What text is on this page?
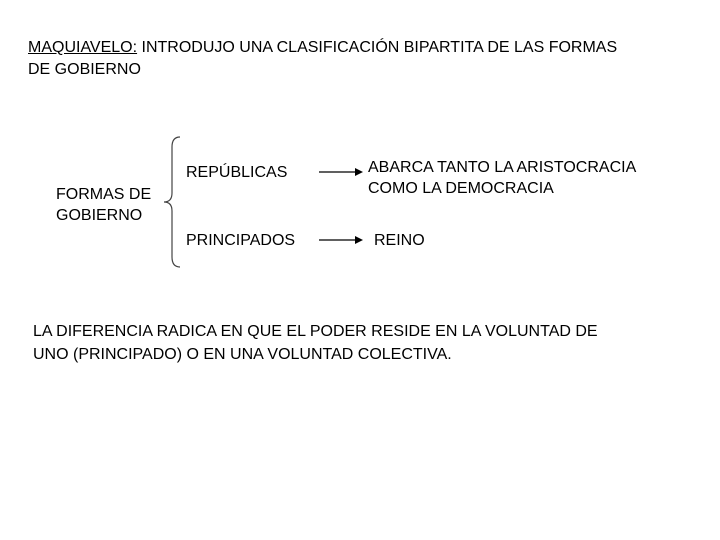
MAQUIAVELO: INTRODUJO UNA CLASIFICACIÓN BIPARTITA DE LAS FORMAS
DE GOBIERNO
FORMAS DE
GOBIERNO
REPÚBLICAS	ABARCA TANTO LA ARISTOCRACIA
COMO LA DEMOCRACIA
PRINCIPADOS	REINO
LA DIFERENCIA RADICA EN QUE EL PODER RESIDE EN LA VOLUNTAD DE
UNO (PRINCIPADO) O EN UNA VOLUNTAD COLECTIVA.
